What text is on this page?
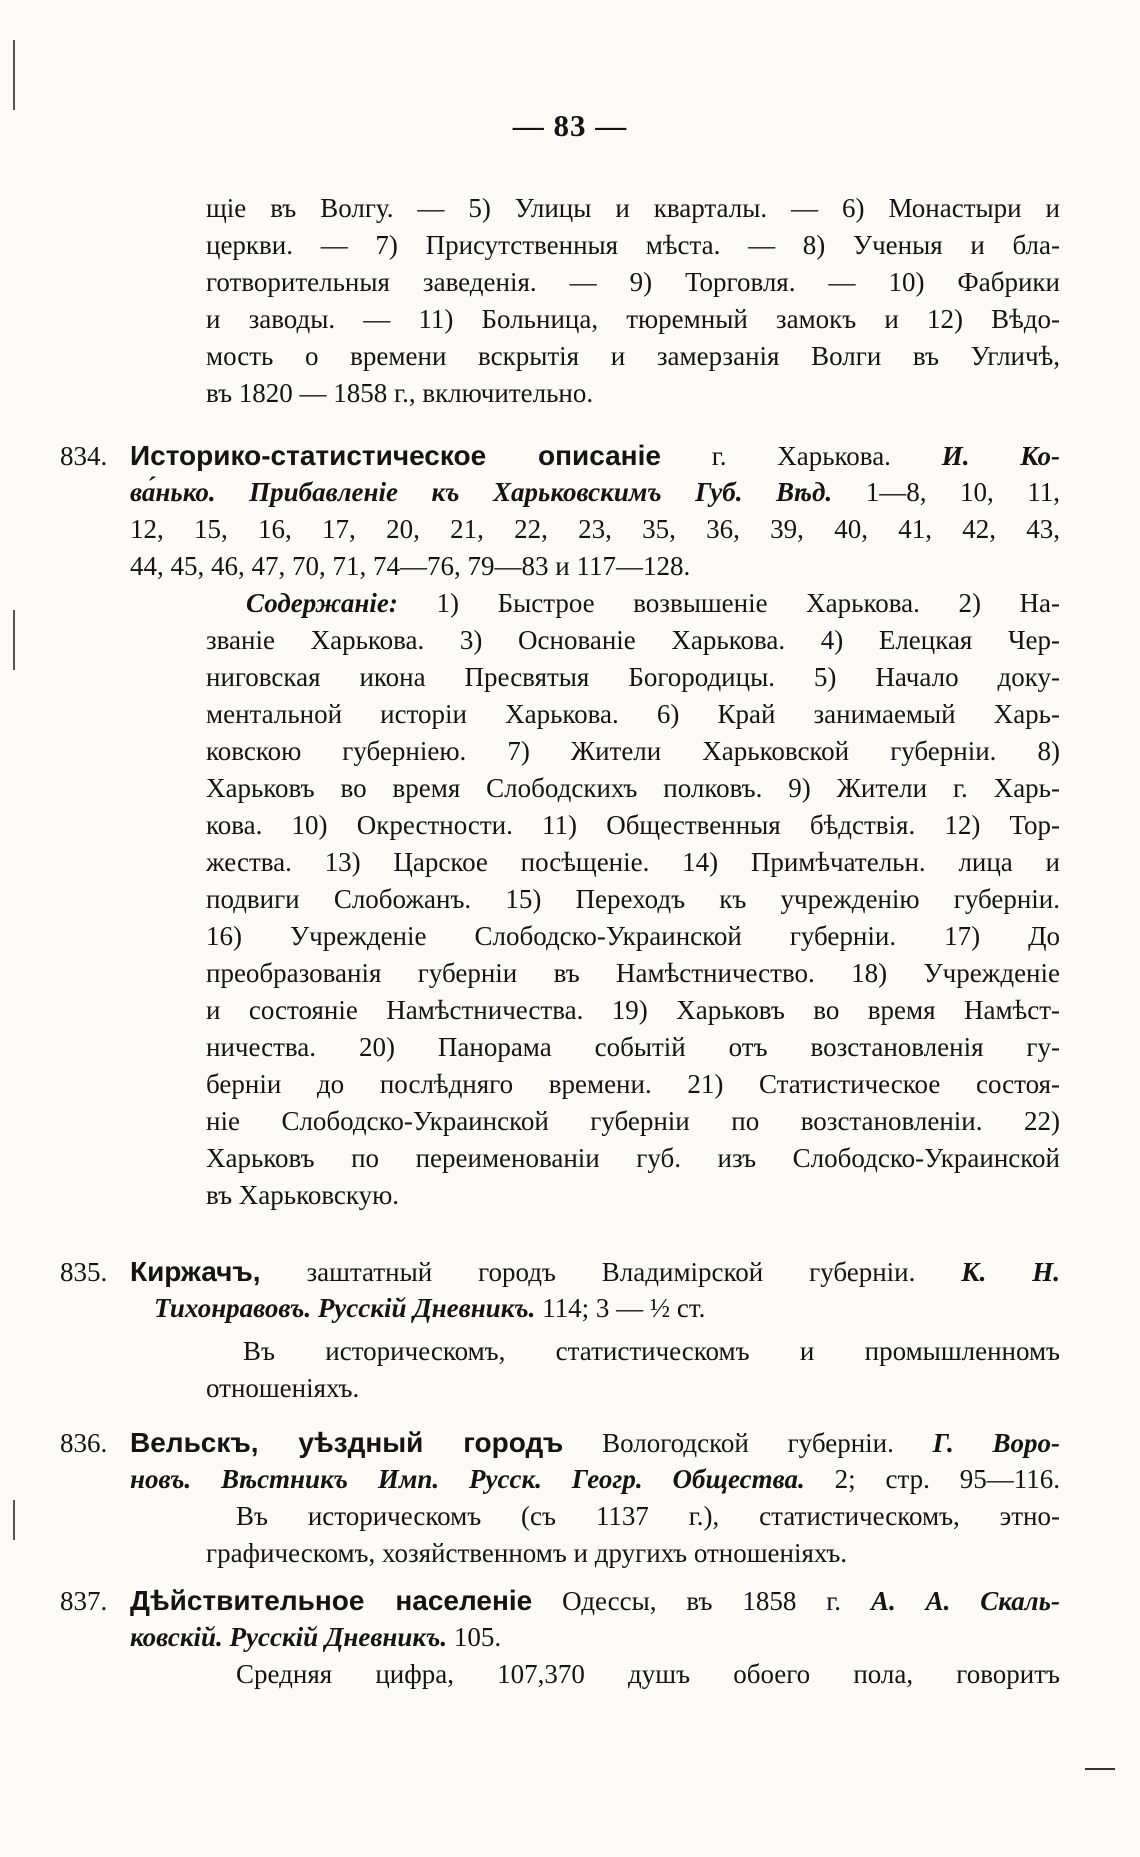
— 83 —
щіе въ Волгу. — 5) Улицы и кварталы. — 6) Монастыри и
церкви. — 7) Присутственныя мѣста. — 8) Ученыя и бла-
готворительныя заведенія. — 9) Торговля. — 10) Фабрики
и заводы. — 11) Больница, тюремный замокъ и 12) Вѣдо-
мость о времени вскрытія и замерзанія Волги въ Угличѣ,
въ 1820 — 1858 г., включительно.
834. Историко-статистическое описаніе г. Харькова. И. Ко-
ва́нько. Прибавленіе къ Харьковскимъ Губ. Вѣд. 1—8, 10, 11,
12, 15, 16, 17, 20, 21, 22, 23, 35, 36, 39, 40, 41, 42, 43,
44, 45, 46, 47, 70, 71, 74—76, 79—83 и 117—128.
Содержаніе: 1) Быстрое возвышеніе Харькова. 2) На-
званіе Харькова. 3) Основаніе Харькова. 4) Елецкая Чер-
ниговская икона Пресвятыя Богородицы. 5) Начало доку-
ментальной исторіи Харькова. 6) Край занимаемый Харь-
ковскою губерніею. 7) Жители Харьковской губерніи. 8)
Харьковъ во время Слободскихъ полковъ. 9) Жители г. Харь-
кова. 10) Окрестности. 11) Общественныя бѣдствія. 12) Тор-
жества. 13) Царское посѣщеніе. 14) Примѣчательн. лица и
подвиги Слобожанъ. 15) Переходъ къ учрежденію губерніи.
16) Учрежденіе Слободско-Украинской губерніи. 17) До
преобразованія губерніи въ Намѣстничество. 18) Учрежденіе
и состояніе Намѣстничества. 19) Харьковъ во время Намѣст-
ничества. 20) Панорама событій отъ возстановленія гу-
берніи до послѣдняго времени. 21) Статистическое состоя-
ніе Слободско-Украинской губерніи по возстановленіи. 22)
Харьковъ по переименованіи губ. изъ Слободско-Украинской
въ Харьковскую.
835. Киржачъ, заштатный городъ Владимірской губерніи. К. Н.
Тихонравовъ. Русскій Дневникъ. 114; 3 — ½ ст.
Въ историческомъ, статистическомъ и промышленномъ
отношеніяхъ.
836. Вельскъ, уѣздный городъ Вологодской губерніи. Г. Воро-
новъ. Вѣстникъ Имп. Русск. Геогр. Общества. 2; стр. 95—116.
Въ историческомъ (съ 1137 г.), статистическомъ, этно-
графическомъ, хозяйственномъ и другихъ отношеніяхъ.
837. Дѣйствительное населеніе Одессы, въ 1858 г. А. А. Скаль-
ковскій. Русскій Дневникъ. 105.
Средняя цифра, 107,370 душъ обоего пола, говоритъ
